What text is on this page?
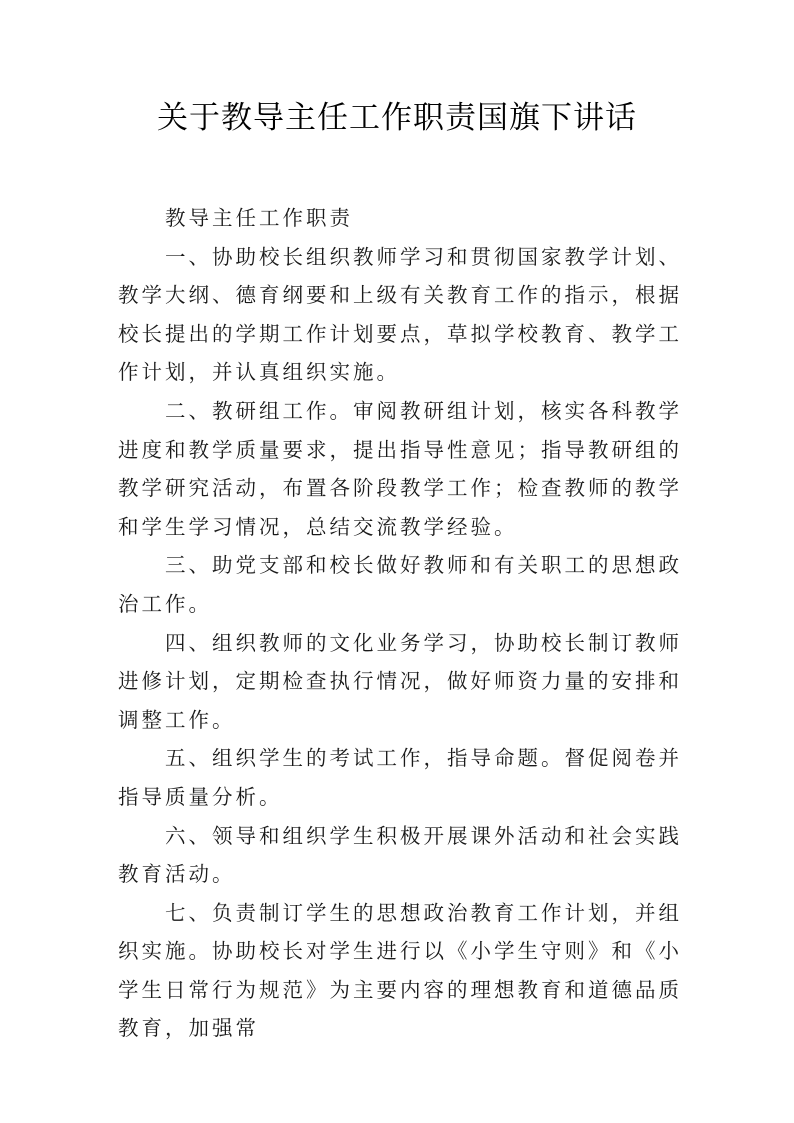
关于教导主任工作职责国旗下讲话

教导主任工作职责

一、协助校长组织教师学习和贯彻国家教学计划、教学大纲、德育纲要和上级有关教育工作的指示，根据校长提出的学期工作计划要点，草拟学校教育、教学工作计划，并认真组织实施。

二、教研组工作。审阅教研组计划，核实各科教学进度和教学质量要求，提出指导性意见；指导教研组的教学研究活动，布置各阶段教学工作；检查教师的教学和学生学习情况，总结交流教学经验。

三、助党支部和校长做好教师和有关职工的思想政治工作。

四、组织教师的文化业务学习，协助校长制订教师进修计划，定期检查执行情况，做好师资力量的安排和调整工作。

五、组织学生的考试工作，指导命题。督促阅卷并指导质量分析。

六、领导和组织学生积极开展课外活动和社会实践教育活动。

七、负责制订学生的思想政治教育工作计划，并组织实施。协助校长对学生进行以《小学生守则》和《小学生日常行为规范》为主要内容的理想教育和道德品质教育，加强常
